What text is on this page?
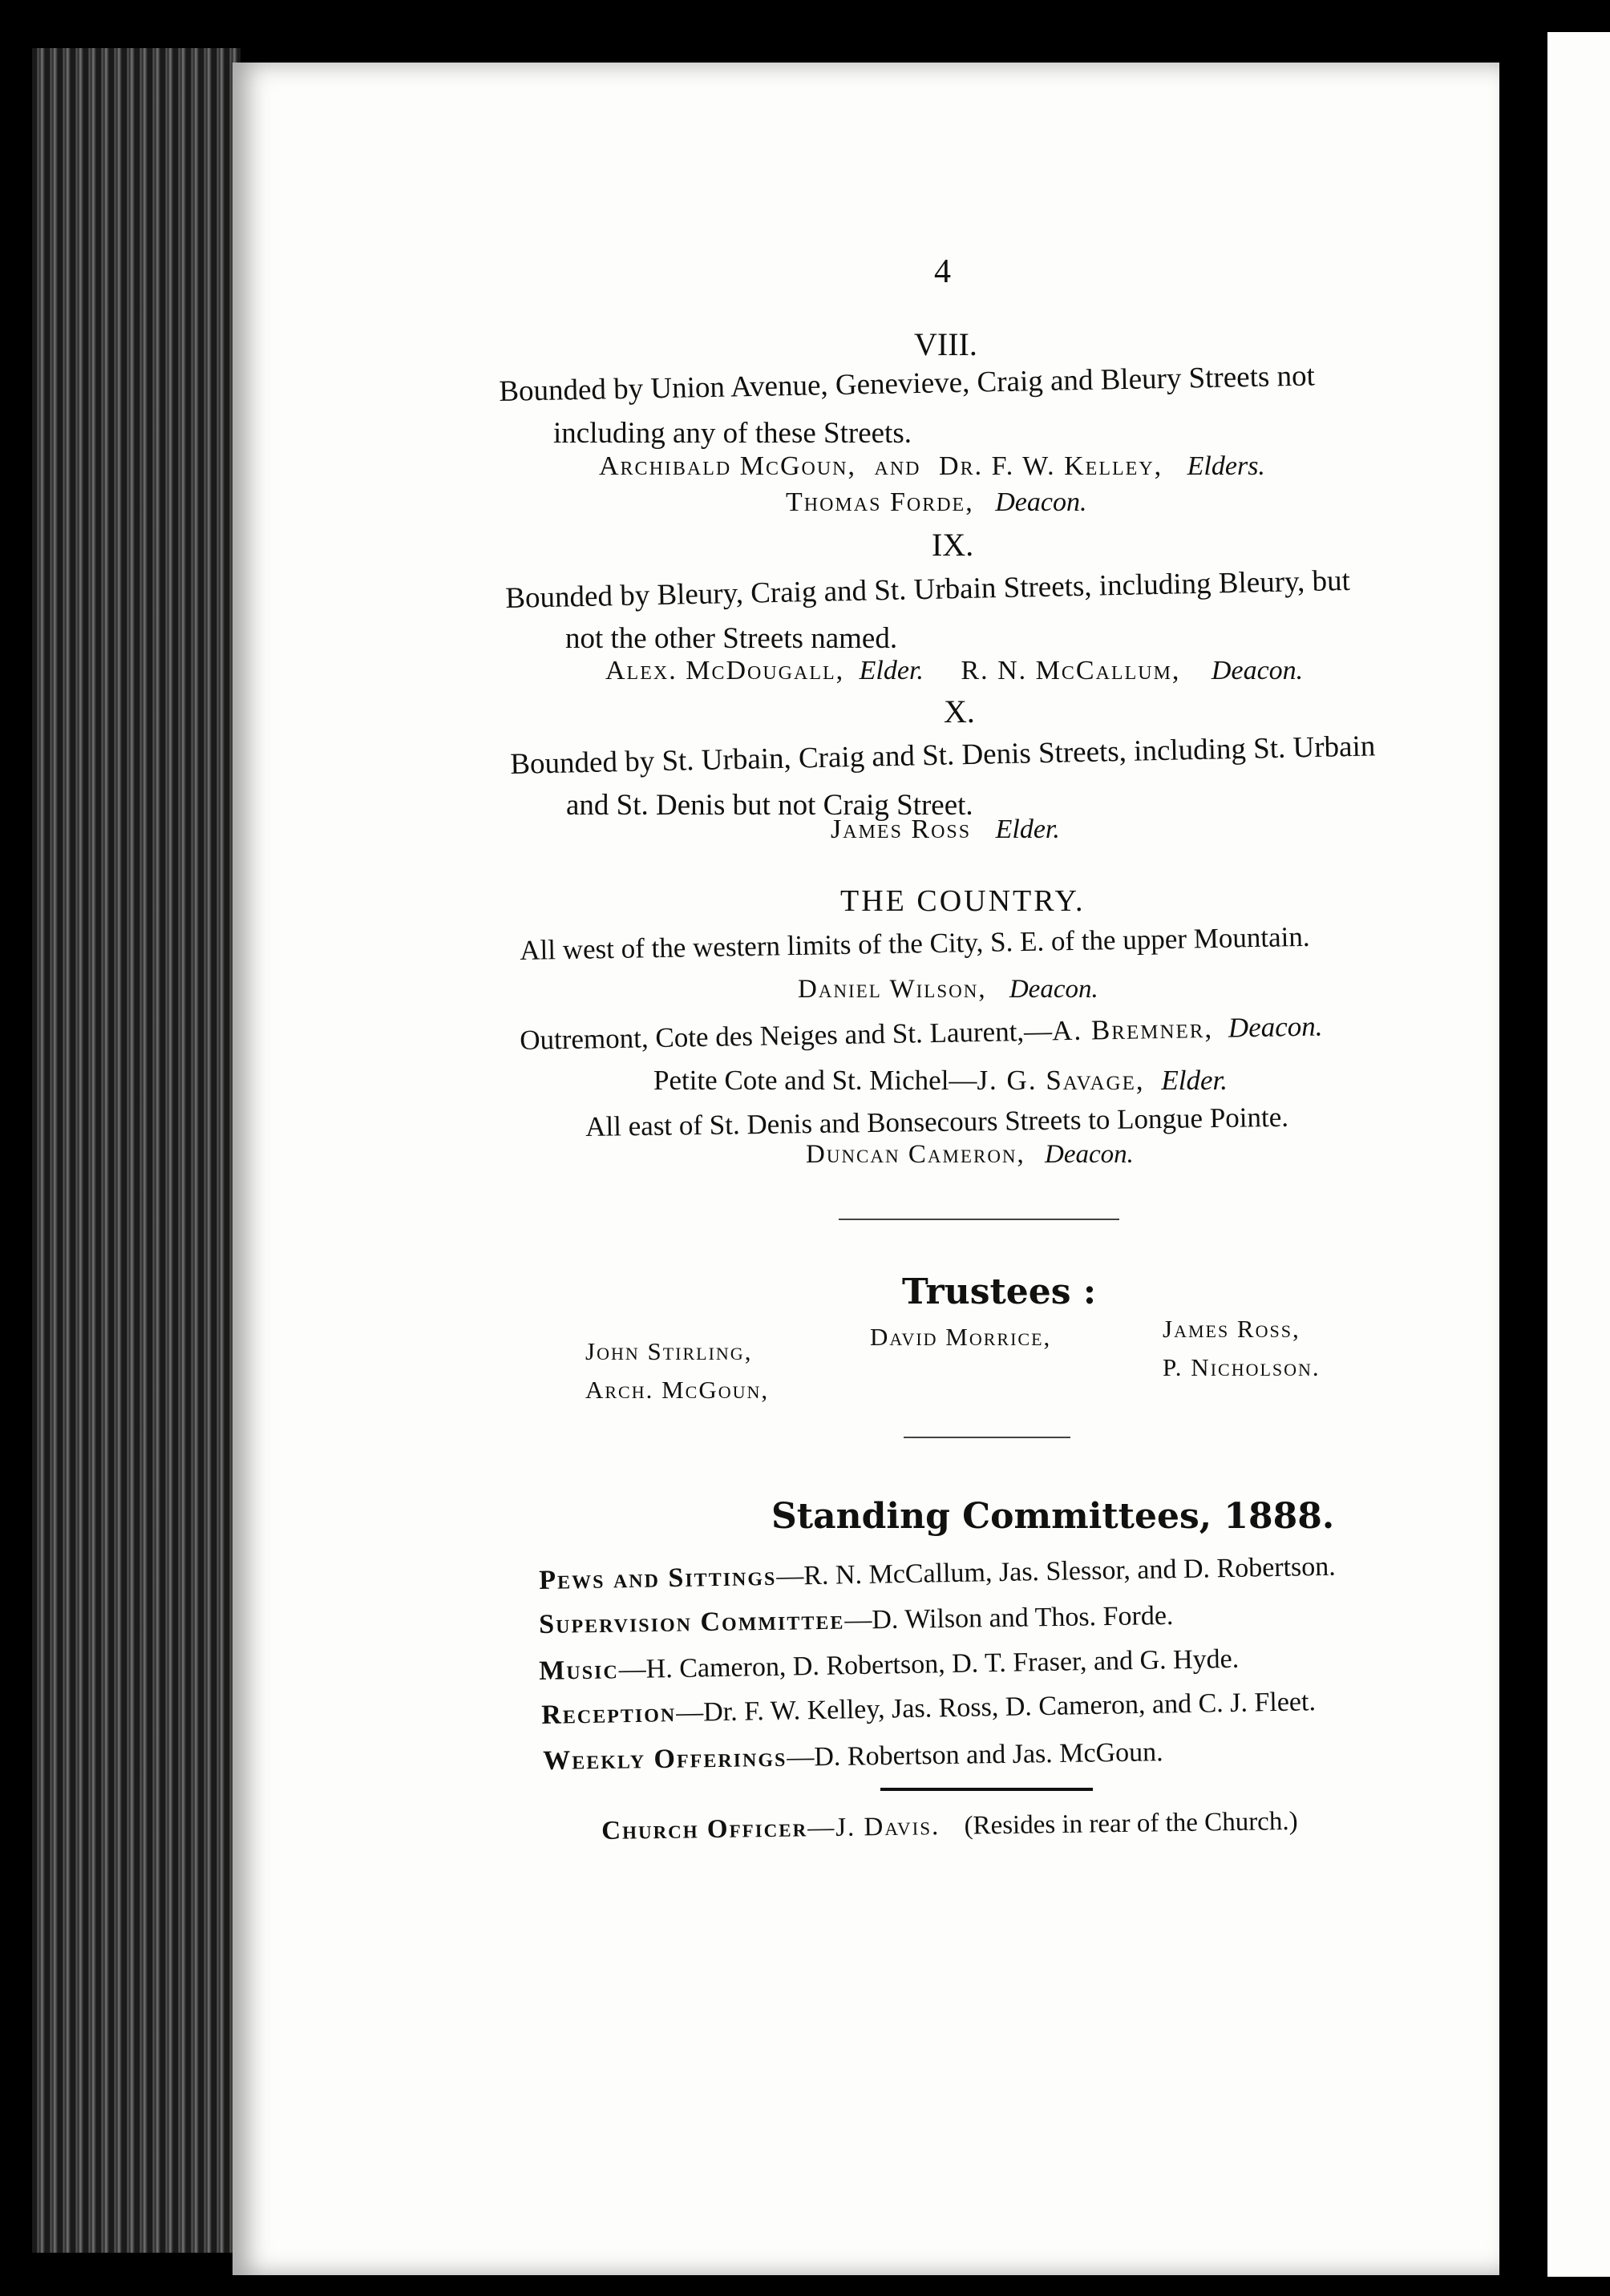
4
VIII.
Bounded by Union Avenue, Genevieve, Craig and Bleury Streets not
including any of these Streets.
Archibald McGoun, and Dr. F. W. Kelley, Elders.
Thomas Forde, Deacon.
IX.
Bounded by Bleury, Craig and St. Urbain Streets, including Bleury, but
not the other Streets named.
Alex. McDougall, Elder. R. N. McCallum, Deacon.
X.
Bounded by St. Urbain, Craig and St. Denis Streets, including St. Urbain
and St. Denis but not Craig Street.
James Ross Elder.
THE COUNTRY.
All west of the western limits of the City, S. E. of the upper Mountain.
Daniel Wilson, Deacon.
Outremont, Cote des Neiges and St. Laurent,—A. Bremner, Deacon.
Petite Cote and St. Michel—J. G. Savage, Elder.
All east of St. Denis and Bonsecours Streets to Longue Pointe.
Duncan Cameron, Deacon.
Trustees :
John Stirling,
Arch. McGoun,
David Morrice,	James Ross,
P. Nicholson.
Standing Committees, 1888.
Pews and Sittings—R. N. McCallum, Jas. Slessor, and D. Robertson.
Supervision Committee—D. Wilson and Thos. Forde.
Music—H. Cameron, D. Robertson, D. T. Fraser, and G. Hyde.
Reception—Dr. F. W. Kelley, Jas. Ross, D. Cameron, and C. J. Fleet.
Weekly Offerings—D. Robertson and Jas. McGoun.
Church Officer—J. Davis. (Resides in rear of the Church.)
